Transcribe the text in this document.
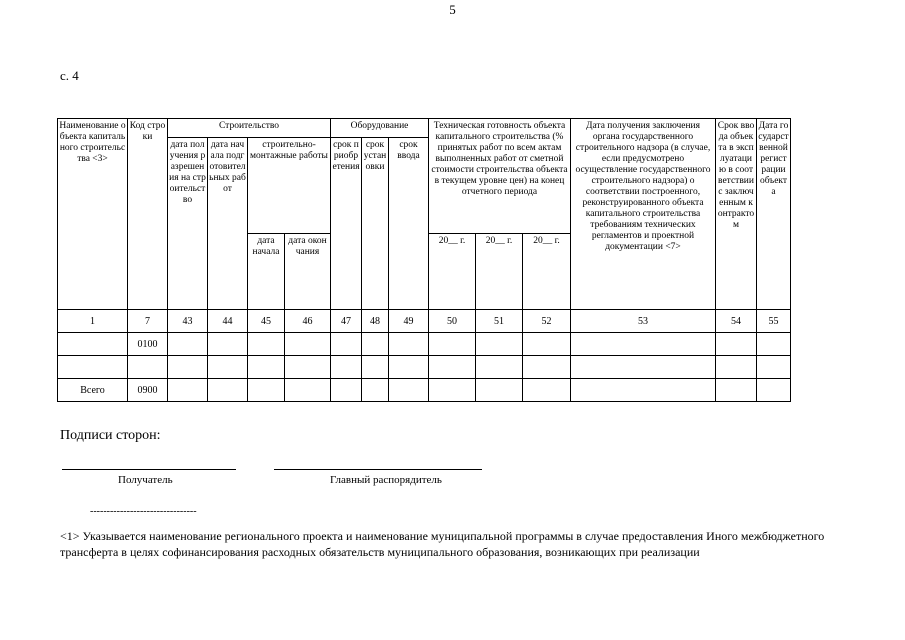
5
с. 4
Наименование объекта капитального строительства <3>	Код строки	Строительство				Оборудование			Техническая готовность объекта капитального строительства (% принятых работ по всем актам выполненных работ от сметной стоимости строительства объекта в текущем уровне цен) на конец отчетного периода			Дата получения заключения органа государственного строительного надзора (в случае, если предусмотрено осуществление государственного строительного надзора) о соответствии построенного, реконструированного объекта капитального строительства требованиям технических регламентов и проектной документации <7>	Срок ввода объекта в эксплуатацию в соответствии с заключенным контрактом	Дата государственной регистрации объекта
		дата получения разрешения на строительство	дата начала подготовительных работ	строительно-монтажные работы		срок приобретения	срок установки	срок ввода						
				дата начала	дата окончания				20__ г.	20__ г.	20__ г.			
1	7	43	44	45	46	47	48	49	50	51	52	53	54	55
	0100													

Всего	0900													
Подписи сторон:
Получатель	Главный распорядитель
--------------------------------
<1> Указывается наименование регионального проекта и наименование муниципальной программы в случае предоставления Иного межбюджетного трансферта в целях софинансирования расходных обязательств муниципального образования, возникающих при реализации
